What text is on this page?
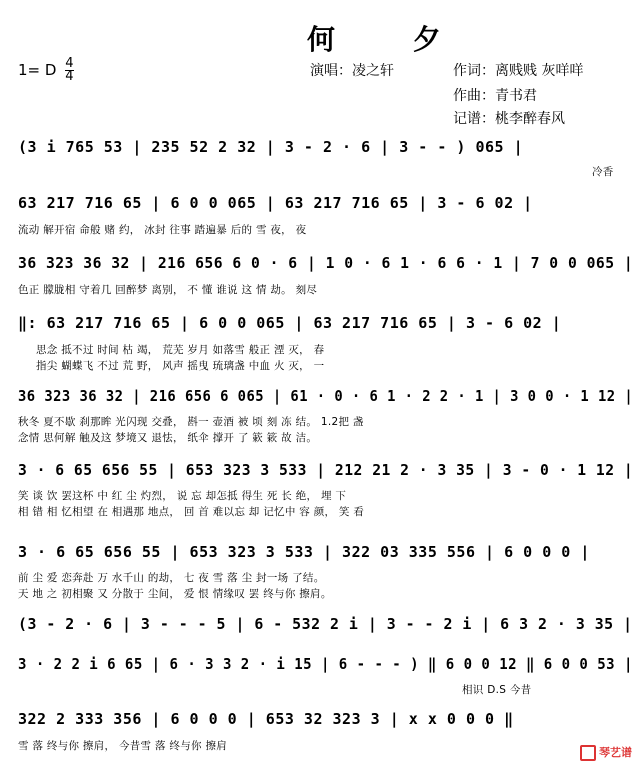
何 夕
1= D $\frac{4}{4}$	演唱：凌之轩	作词：离贱贱 灰咩咩
作曲：青书君
记谱：桃李醉春风
(3 i 765 53 | 235 52 2 32 | 3 - 2 · 6 | 3 - - ) 065 |
冷香
63 217 716 65 | 6 0 0 065 | 63 217 716 65 | 3 - 6 02 |
流动 解开宿 命般 赌 约， 冰封 往事 踏遍暴 后的 雪 夜， 夜
36 323 36 32 | 216 656 6 0 · 6 | 1 0 · 6 1 · 6 6 · 1 | 7 0 0 065 |
色正 朦胧相 守着几 回醉梦 离别， 不 懂 谁说 这 情 劫。 刻尽
‖: 63 217 716 65 | 6 0 0 065 | 63 217 716 65 | 3 - 6 02 |
思念 抵不过 时间 枯 竭， 荒芜 岁月 如落雪 般正 湮 灭， 春
指尖 蝴蝶飞 不过 荒 野， 风声 摇曳 琉璃盏 中血 火 灭， 一
36 323 36 32 | 216 656 6 065 | 61 · 0 · 6 1 · 2 2 · 1 | 3 0 0 · 1 12 |
秋冬 夏不歇 刹那眸 光闪现 交叠， 斟一 壶酒 被 顷 刻 冻 结。 1.2把 盏
念情 思何解 触及这 梦境又 退怯， 纸伞 撑开 了 簌 簌 故 洁。
3 · 6 65 656 55 | 653 323 3 533 | 212 21 2 · 3 35 | 3 - 0 · 1 12 |
笑 谈 饮 罢这杯 中 红 尘 灼烈， 说 忘 却怎抵 得生 死 长 绝， 埋 下
相 错 相 忆相望 在 相遇那 地点， 回 首 难以忘 却 记忆中 容 颜， 笑 看
3 · 6 65 656 55 | 653 323 3 533 | 322 03 335 556 | 6 0 0 0 |
前 尘 爱 恋奔赴 万 水千山 的劫， 七 夜 雪 落 尘 封一场 了结。
天 地 之 初相聚 又 分散于 尘间， 爱 恨 情缘叹 罢 终与你 擦肩。
(3 - 2 · 6 | 3 - - - 5 | 6 - 532 2 i | 3 - - 2 i | 6 3 2 · 3 35 |
3 · 2 2 i 6 65 | 6 · 3 3 2 · i 15 | 6 - - - ) ‖ 6 0 0 12 ‖ 6 0 0 53 |
相识 D.S 今昔
322 2 333 356 | 6 0 0 0 | 653 32 323 3 | x x 0 0 0 ‖
雪 落 终与你 擦肩， 今昔雪 落 终与你 擦肩	琴艺谱
